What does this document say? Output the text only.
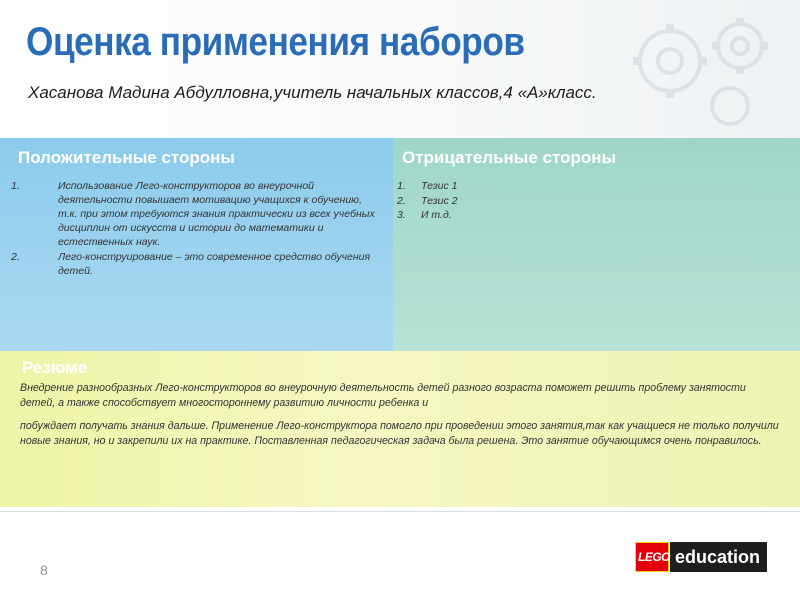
Оценка применения наборов
Хасанова Мадина Абдулловна,учитель начальных классов,4 «А»класс.
Положительные стороны
1.	Использование Лего-конструкторов во внеурочной деятельности повышает мотивацию учащихся к обучению, т.к. при этом требуются знания практически из всех учебных дисциплин от искусств и истории до математики и естественных наук.
2.	Лего-конструирование – это современное средство обучения детей.
Отрицательные стороны
1. Тезис 1
2. Тезис 2
3. И т.д.
Резюме

Внедрение разнообразных Лего-конструкторов во внеурочную деятельность детей разного возраста поможет решить проблему занятости детей, а также способствует многостороннему развитию личности ребенка и

побуждает получать знания дальше. Применение Лего-конструктора помогло при проведении этого занятия,так как учащиеся не только получили новые знания, но и закрепили их на практике. Поставленная педагогическая задача была решена. Это занятие обучающимся очень понравилось.

8
LEGO education
